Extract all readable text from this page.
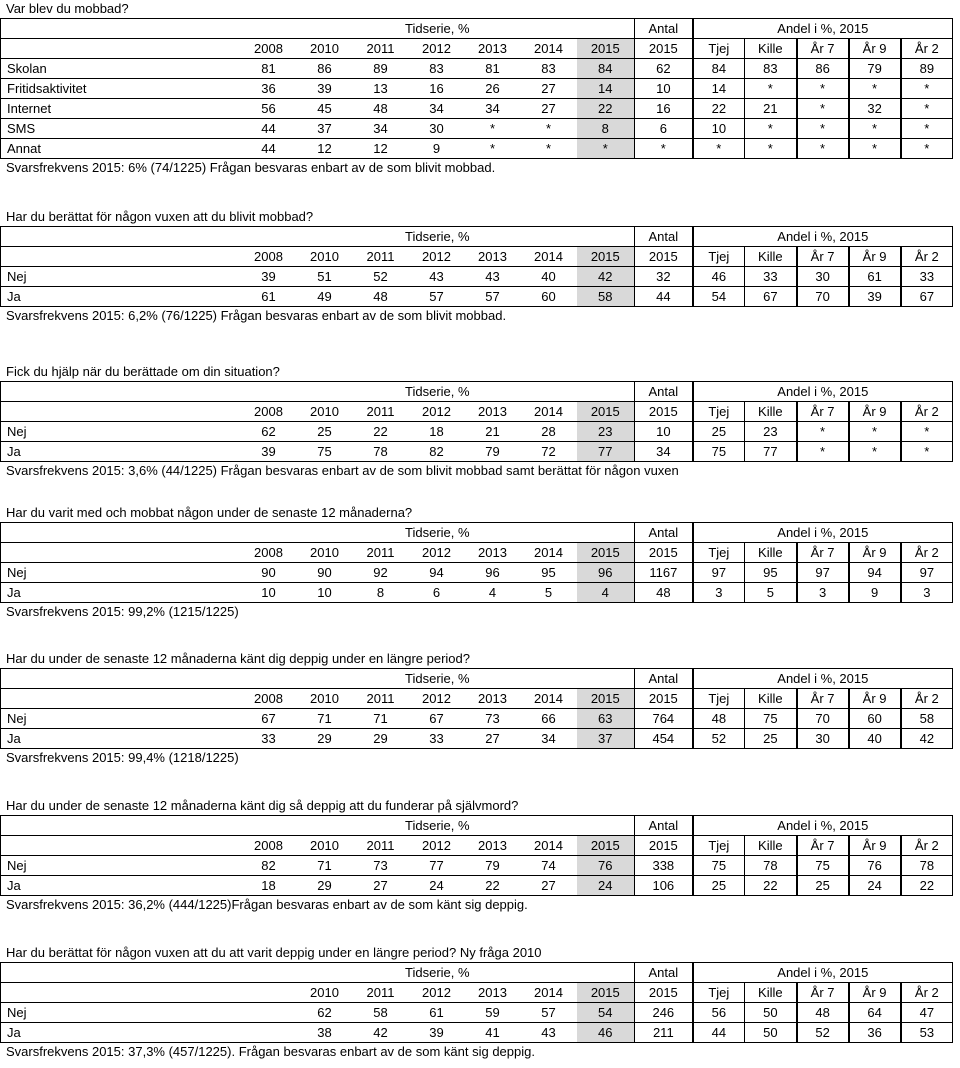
Var blev du mobbad?
	Tidserie, %							Antal	Andel i %, 2015				
	2008	2010	2011	2012	2013	2014	2015	2015	Tjej	Kille	År 7	År 9	År 2
Skolan	81	86	89	83	81	83	84	62	84	83	86	79	89
Fritidsaktivitet	36	39	13	16	26	27	14	10	14	*	*	*	*
Internet	56	45	48	34	34	27	22	16	22	21	*	32	*
SMS	44	37	34	30	*	*	8	6	10	*	*	*	*
Annat	44	12	12	9	*	*	*	*	*	*	*	*	*
Svarsfrekvens 2015: 6% (74/1225) Frågan besvaras enbart av de som blivit mobbad.
Har du berättat för någon vuxen att du blivit mobbad?
	Tidserie, %							Antal	Andel i %, 2015				
	2008	2010	2011	2012	2013	2014	2015	2015	Tjej	Kille	År 7	År 9	År 2
Nej	39	51	52	43	43	40	42	32	46	33	30	61	33
Ja	61	49	48	57	57	60	58	44	54	67	70	39	67
Svarsfrekvens 2015: 6,2% (76/1225) Frågan besvaras enbart av de som blivit mobbad.
Fick du hjälp när du berättade om din situation?
	Tidserie, %							Antal	Andel i %, 2015				
	2008	2010	2011	2012	2013	2014	2015	2015	Tjej	Kille	År 7	År 9	År 2
Nej	62	25	22	18	21	28	23	10	25	23	*	*	*
Ja	39	75	78	82	79	72	77	34	75	77	*	*	*
Svarsfrekvens 2015: 3,6% (44/1225) Frågan besvaras enbart av de som blivit mobbad samt berättat för någon vuxen
Har du varit med och mobbat någon under de senaste 12 månaderna?
	Tidserie, %							Antal	Andel i %, 2015				
	2008	2010	2011	2012	2013	2014	2015	2015	Tjej	Kille	År 7	År 9	År 2
Nej	90	90	92	94	96	95	96	1167	97	95	97	94	97
Ja	10	10	8	6	4	5	4	48	3	5	3	9	3
Svarsfrekvens 2015: 99,2% (1215/1225)
Har du under de senaste 12 månaderna känt dig deppig under en längre period?
	Tidserie, %							Antal	Andel i %, 2015				
	2008	2010	2011	2012	2013	2014	2015	2015	Tjej	Kille	År 7	År 9	År 2
Nej	67	71	71	67	73	66	63	764	48	75	70	60	58
Ja	33	29	29	33	27	34	37	454	52	25	30	40	42
Svarsfrekvens 2015: 99,4% (1218/1225)
Har du under de senaste 12 månaderna känt dig så deppig att du funderar på självmord?
	Tidserie, %							Antal	Andel i %, 2015				
	2008	2010	2011	2012	2013	2014	2015	2015	Tjej	Kille	År 7	År 9	År 2
Nej	82	71	73	77	79	74	76	338	75	78	75	76	78
Ja	18	29	27	24	22	27	24	106	25	22	25	24	22
Svarsfrekvens 2015: 36,2% (444/1225)Frågan besvaras enbart av de som känt sig deppig.
Har du berättat för någon vuxen att du att varit deppig under en längre period? Ny fråga 2010
	Tidserie, %							Antal	Andel i %, 2015				
		2010	2011	2012	2013	2014	2015	2015	Tjej	Kille	År 7	År 9	År 2
Nej		62	58	61	59	57	54	246	56	50	48	64	47
Ja		38	42	39	41	43	46	211	44	50	52	36	53
Svarsfrekvens 2015: 37,3% (457/1225). Frågan besvaras enbart av de som känt sig deppig.
